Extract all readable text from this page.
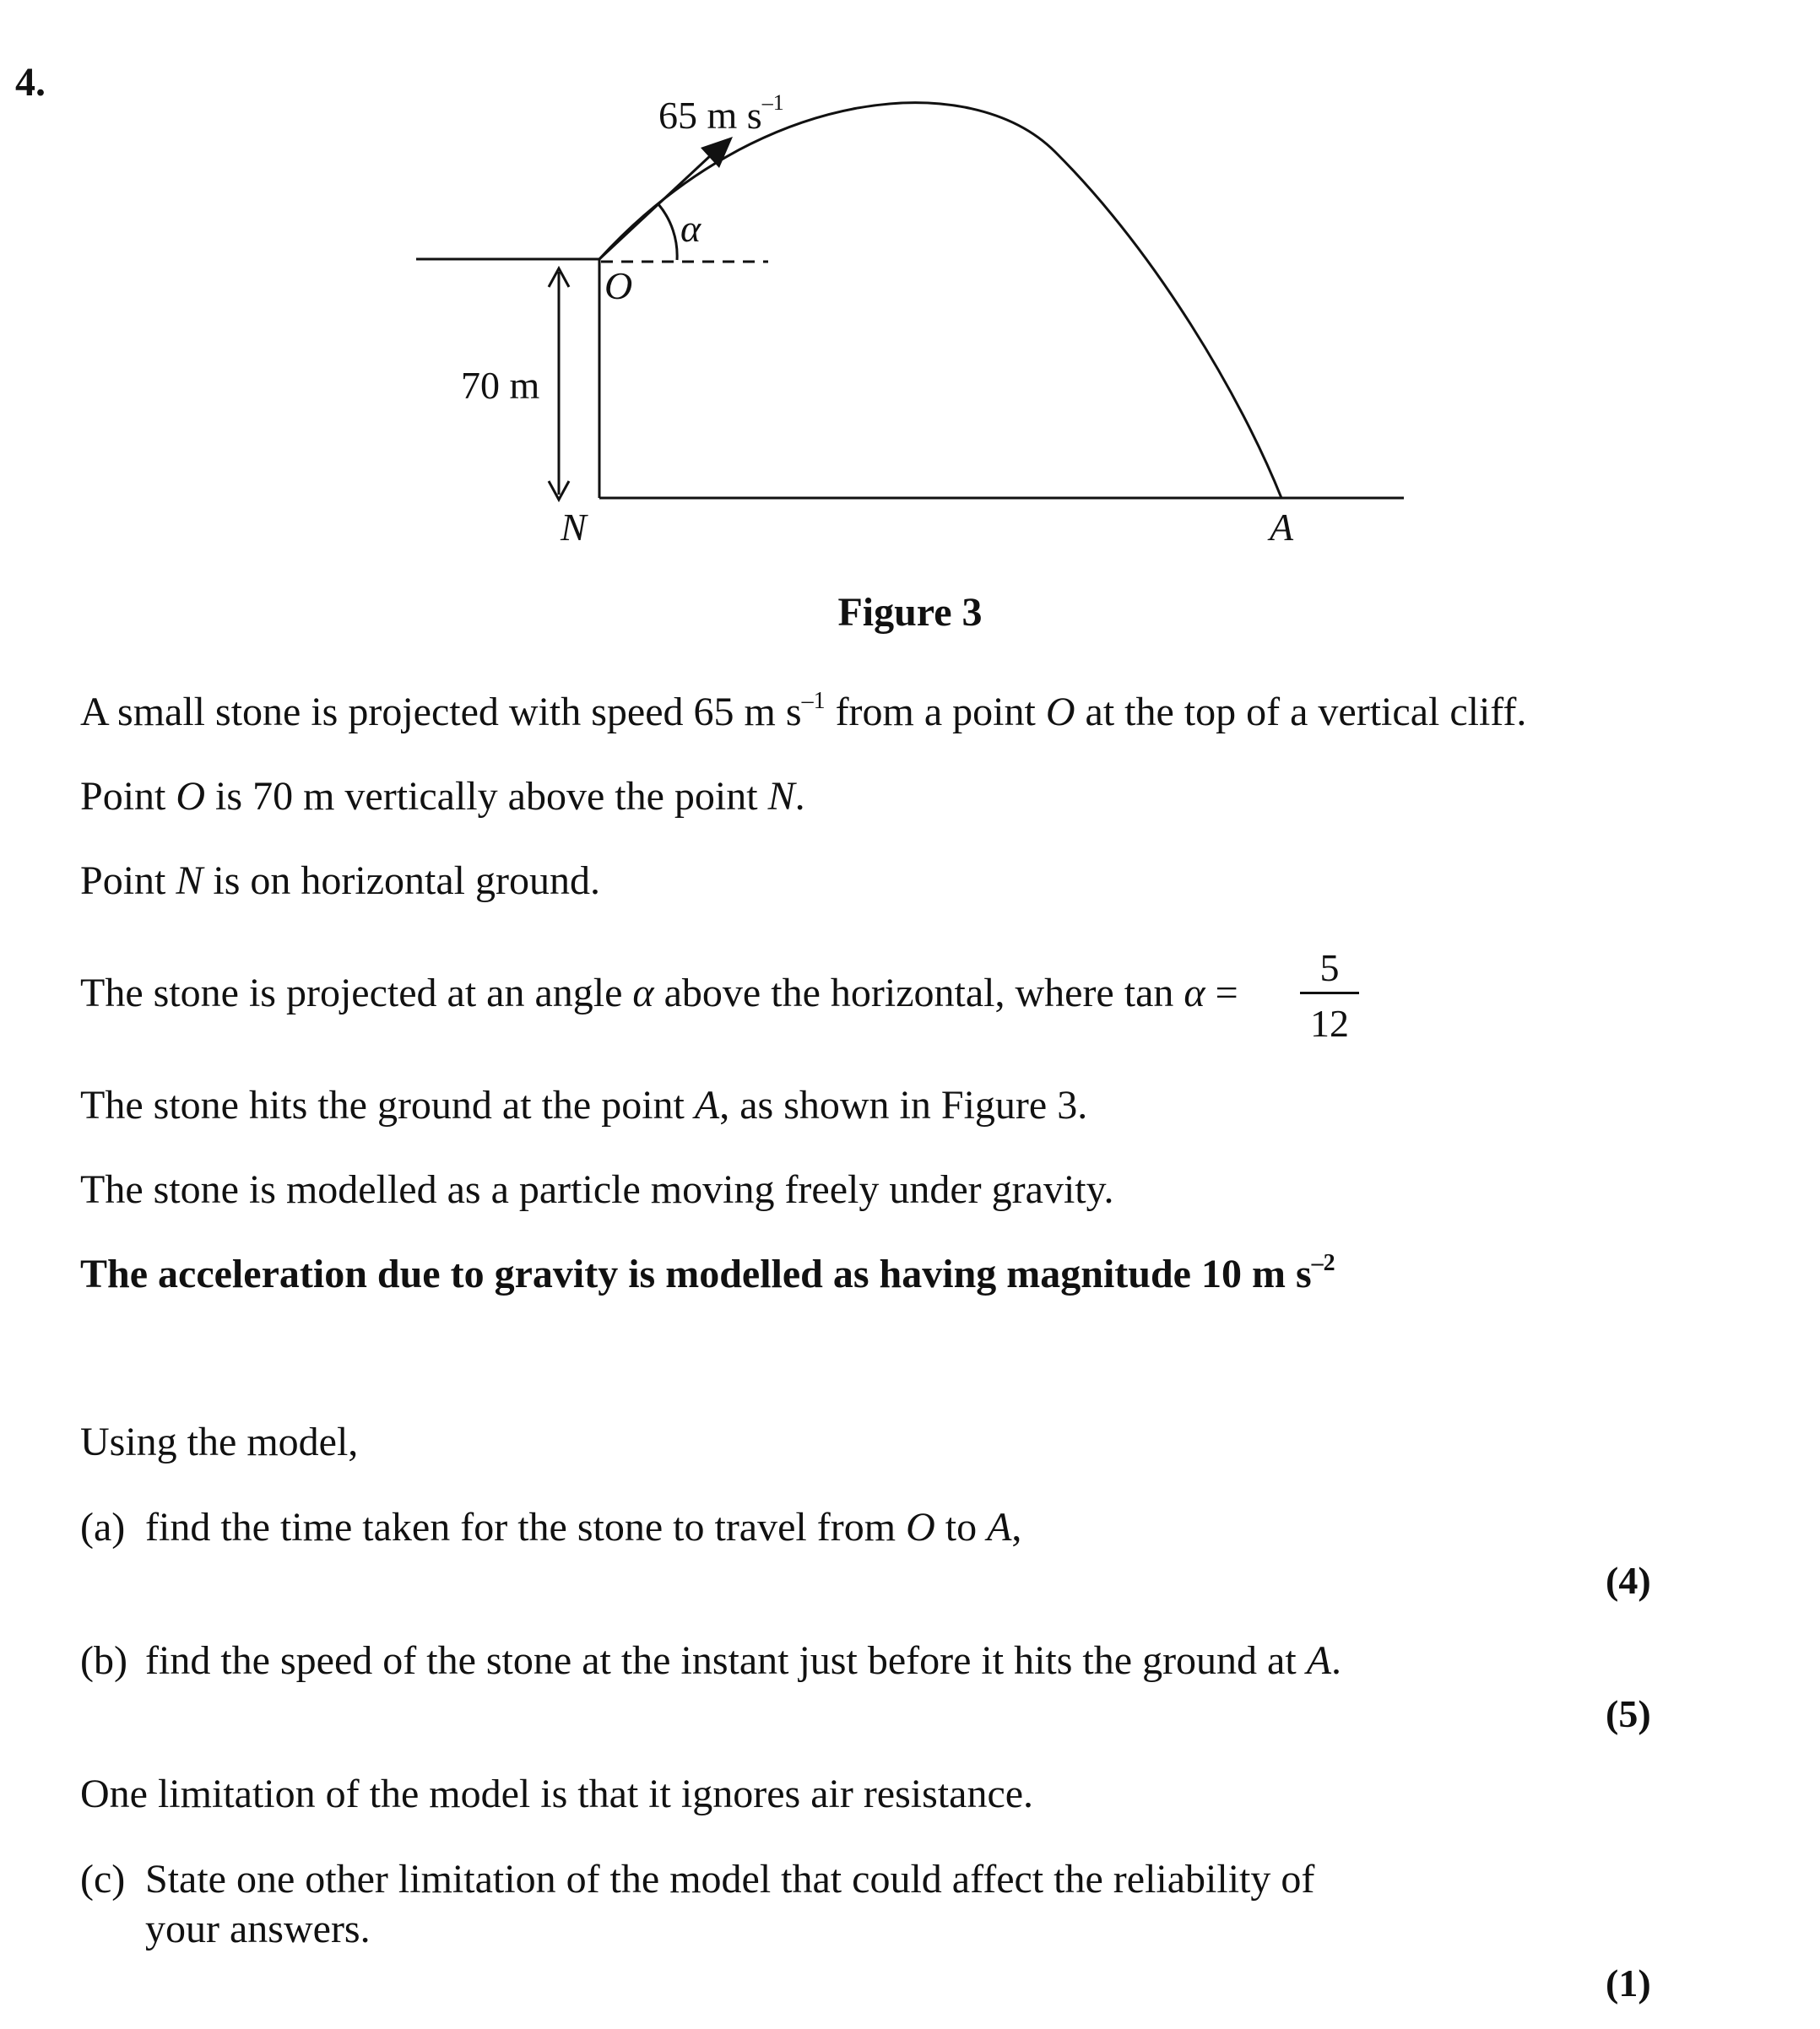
4.
65 m $s^{-1}$
α
O
70 m
N	A
Figure 3
A small stone is projected with speed 65 m $s^{-1}$ from a point O at the top of a vertical cliff.
Point O is 70 m vertically above the point N.
Point N is on horizontal ground.
The stone is projected at an angle α above the horizontal, where tan α =
5
12
The stone hits the ground at the point A, as shown in Figure 3.
The stone is modelled as a particle moving freely under gravity.
The acceleration due to gravity is modelled as having magnitude 10 m $s^{-2}$
Using the model,
(a) find the time taken for the stone to travel from O to A,
(4)
(b) find the speed of the stone at the instant just before it hits the ground at A.
(5)
One limitation of the model is that it ignores air resistance.
(c) State one other limitation of the model that could affect the reliability of
your answers.
(1)
